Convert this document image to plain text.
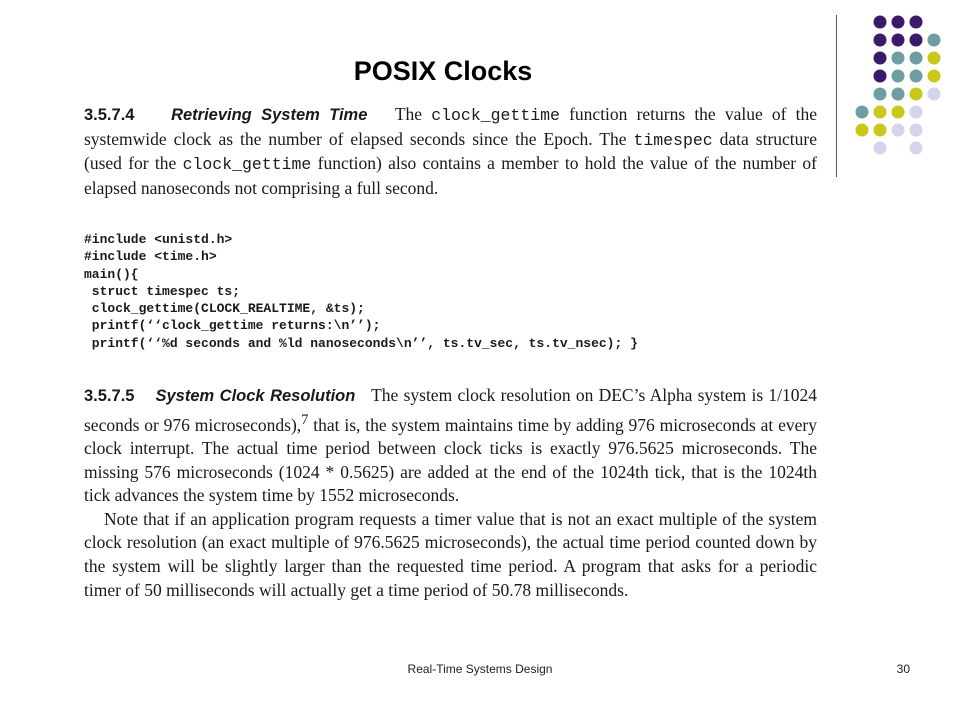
POSIX Clocks

3.5.7.4 Retrieving System Time The clock_gettime function returns the value of the systemwide clock as the number of elapsed seconds since the Epoch. The timespec data structure (used for the clock_gettime function) also contains a member to hold the value of the number of elapsed nanoseconds not comprising a full second.

#include <unistd.h>
#include <time.h>
main(){
struct timespec ts;
clock_gettime(CLOCK_REALTIME, &ts);
printf(‘‘clock_gettime returns:\n’’);
printf(‘‘%d seconds and %ld nanoseconds\n’’, ts.tv_sec, ts.tv_nsec); }

3.5.7.5 System Clock Resolution The system clock resolution on DEC’s Alpha system is 1/1024 seconds or 976 microseconds),$^7$ that is, the system maintains time by adding 976 microseconds at every clock interrupt. The actual time period between clock ticks is exactly 976.5625 microseconds. The missing 576 microseconds (1024 * 0.5625) are added at the end of the 1024th tick, that is the 1024th tick advances the system time by 1552 microseconds.

Note that if an application program requests a timer value that is not an exact multiple of the system clock resolution (an exact multiple of 976.5625 microseconds), the actual time period counted down by the system will be slightly larger than the requested time period. A program that asks for a periodic timer of 50 milliseconds will actually get a time period of 50.78 milliseconds.

Real-Time Systems Design	30
